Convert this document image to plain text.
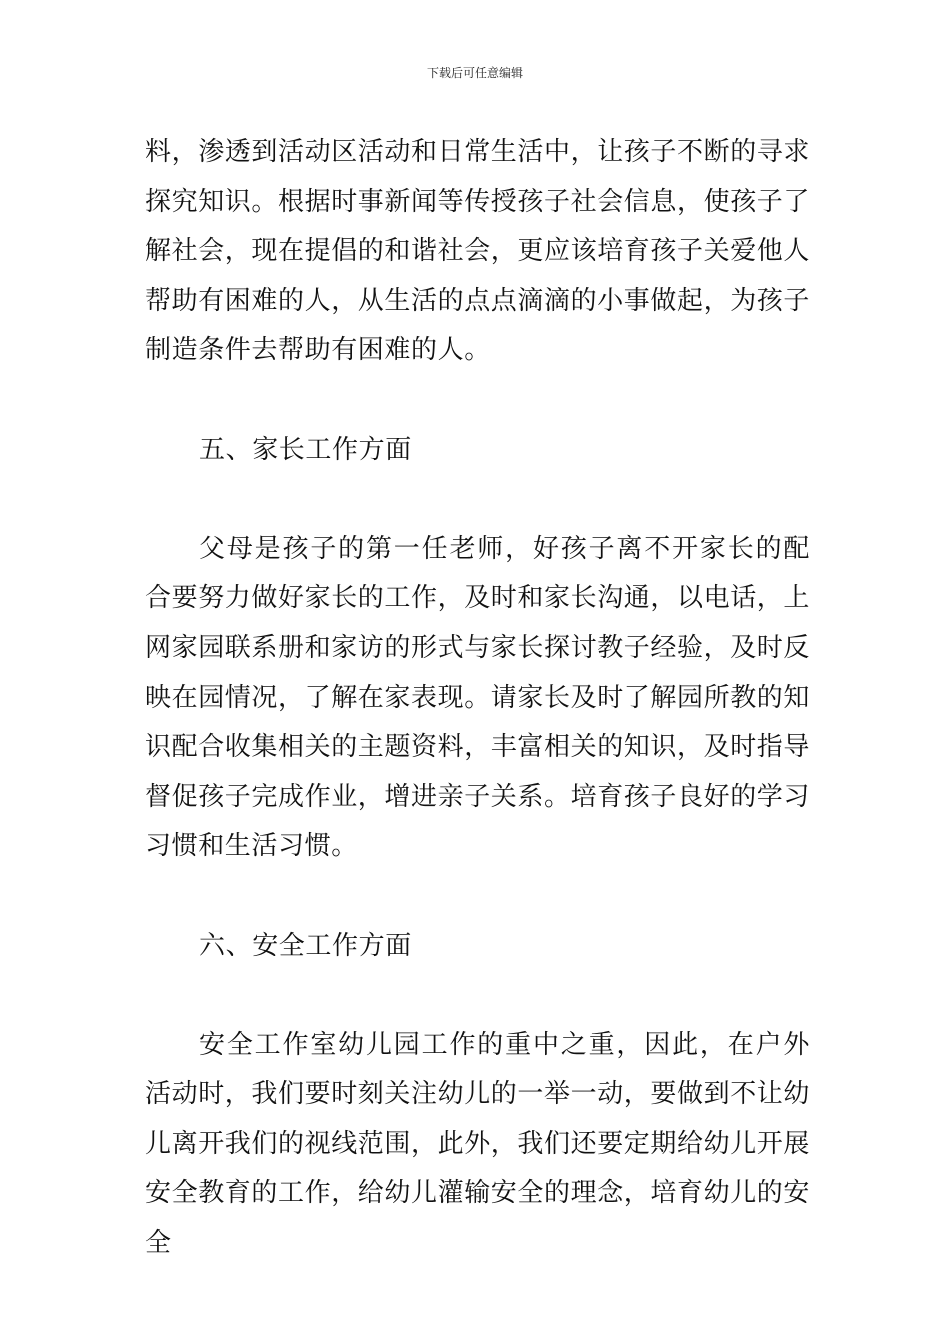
下载后可任意编辑

料，渗透到活动区活动和日常生活中，让孩子不断的寻求探究知识。根据时事新闻等传授孩子社会信息，使孩子了解社会，现在提倡的和谐社会，更应该培育孩子关爱他人帮助有困难的人，从生活的点点滴滴的小事做起，为孩子制造条件去帮助有困难的人。

五、家长工作方面

父母是孩子的第一任老师，好孩子离不开家长的配合要努力做好家长的工作，及时和家长沟通，以电话，上网家园联系册和家访的形式与家长探讨教子经验，及时反映在园情况，了解在家表现。请家长及时了解园所教的知识配合收集相关的主题资料，丰富相关的知识，及时指导督促孩子完成作业，增进亲子关系。培育孩子良好的学习习惯和生活习惯。

六、安全工作方面

安全工作室幼儿园工作的重中之重，因此，在户外活动时，我们要时刻关注幼儿的一举一动，要做到不让幼儿离开我们的视线范围，此外，我们还要定期给幼儿开展安全教育的工作，给幼儿灌输安全的理念，培育幼儿的安全
